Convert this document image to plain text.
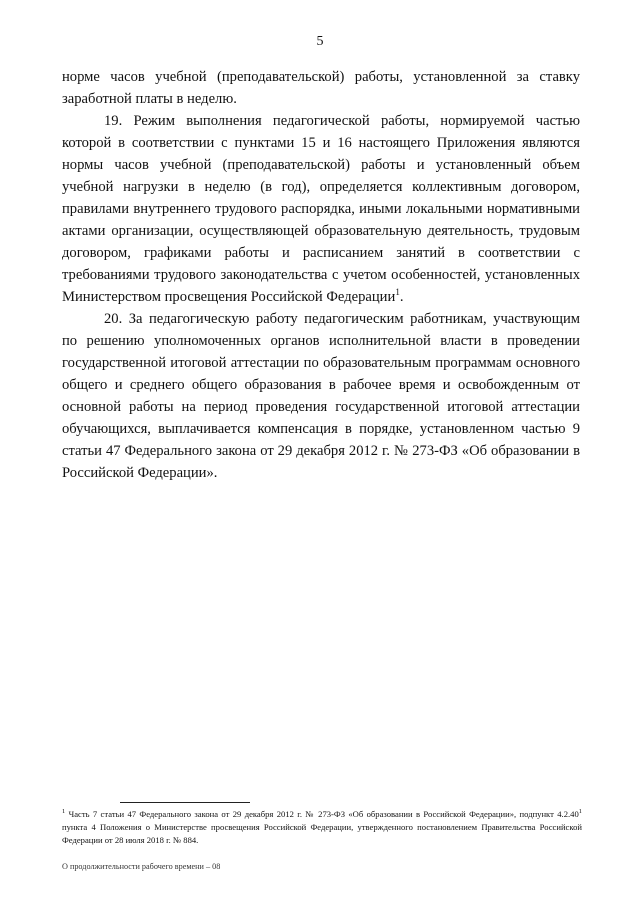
5

норме часов учебной (преподавательской) работы, установленной за ставку заработной платы в неделю.

19. Режим выполнения педагогической работы, нормируемой частью которой в соответствии с пунктами 15 и 16 настоящего Приложения являются нормы часов учебной (преподавательской) работы и установленный объем учебной нагрузки в неделю (в год), определяется коллективным договором, правилами внутреннего трудового распорядка, иными локальными нормативными актами организации, осуществляющей образовательную деятельность, трудовым договором, графиками работы и расписанием занятий в соответствии с требованиями трудового законодательства с учетом особенностей, установленных Министерством просвещения Российской Федерации$^1$.

20. За педагогическую работу педагогическим работникам, участвующим по решению уполномоченных органов исполнительной власти в проведении государственной итоговой аттестации по образовательным программам основного общего и среднего общего образования в рабочее время и освобожденным от основной работы на период проведения государственной итоговой аттестации обучающихся, выплачивается компенсация в порядке, установленном частью 9 статьи 47 Федерального закона от 29 декабря 2012 г. № 273-ФЗ «Об образовании в Российской Федерации».

$^1$ Часть 7 статьи 47 Федерального закона от 29 декабря 2012 г. № 273-ФЗ «Об образовании в Российской Федерации», подпункт 4.2.40$^1$ пункта 4 Положения о Министерстве просвещения Российской Федерации, утвержденного постановлением Правительства Российской Федерации от 28 июля 2018 г. № 884.
О продолжительности рабочего времени – 08
